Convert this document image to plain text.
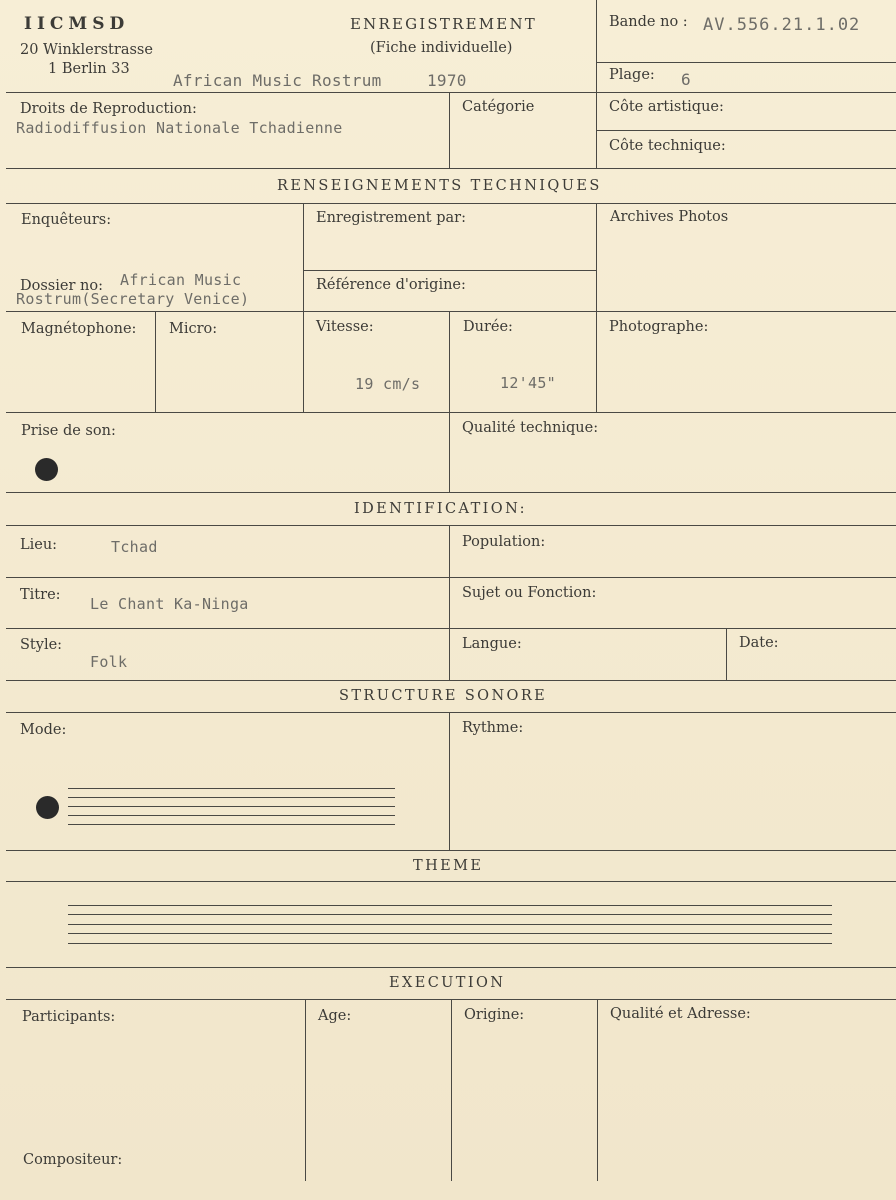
IICMSD
20 Winklerstrasse
1 Berlin 33
ENREGISTREMENT
(Fiche individuelle)
African Music Rostrum	1970
Bande no : AV.556.21.1.02
Plage: 6
Droits de Reproduction:
Radiodiffusion Nationale Tchadienne
Catégorie	Côte artistique:
Côte technique:
RENSEIGNEMENTS TECHNIQUES
Enquêteurs:	Enregistrement par:	Archives Photos
Dossier no: African Music
Rostrum(Secretary Venice)
Référence d'origine:
Magnétophone: Micro:	Vitesse:
19 cm/s
Durée:
12'45"
Photographe:
Prise de son:	Qualité technique:
IDENTIFICATION:
Lieu:	Tchad	Population:
Titre: Le Chant Ka-Ninga
Sujet ou Fonction:
Style:
Folk
Langue:	Date:
STRUCTURE SONORE
Mode:	Rythme:
THEME
EXECUTION
Participants:	Age:	Origine:	Qualité et Adresse:
Compositeur:
